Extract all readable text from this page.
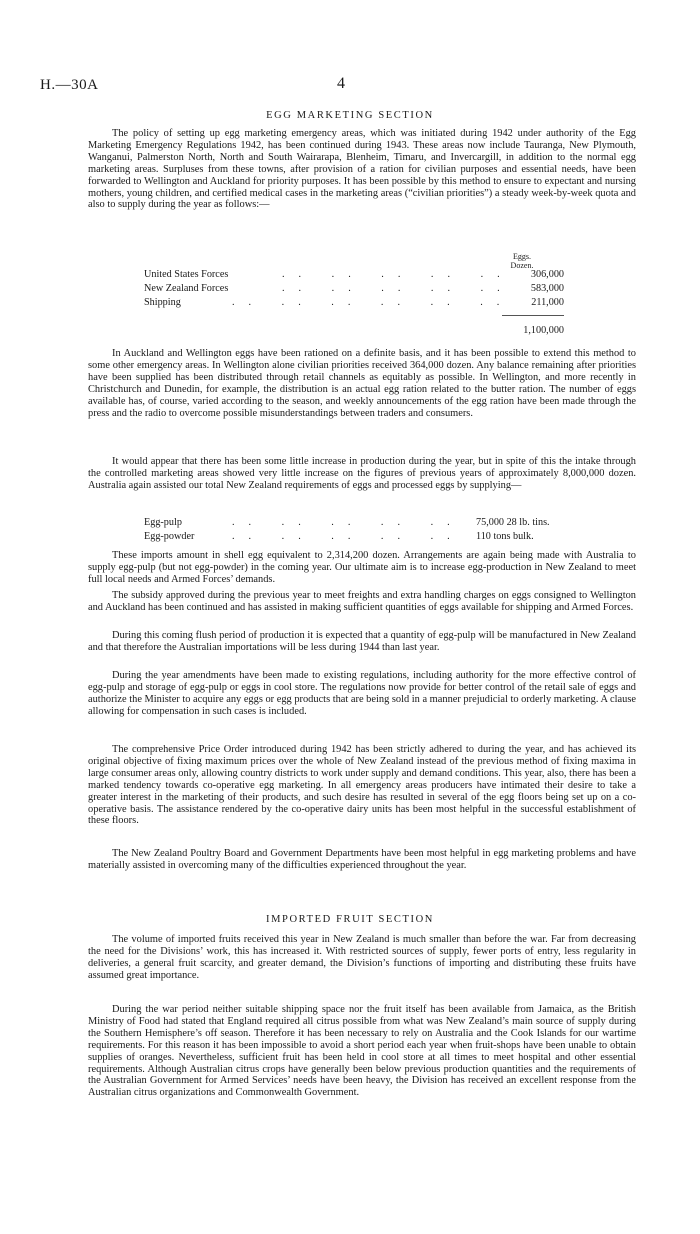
H.—30A	4
EGG MARKETING SECTION

The policy of setting up egg marketing emergency areas, which was initiated during 1942 under authority of the Egg Marketing Emergency Regulations 1942, has been continued during 1943. These areas now include Tauranga, New Plymouth, Wanganui, Palmerston North, North and South Wairarapa, Blenheim, Timaru, and Invercargill, in addition to the normal egg marketing areas. Surpluses from these towns, after provision of a ration for civilian purposes and essential needs, have been forwarded to Wellington and Auckland for priority purposes. It has been possible by this method to ensure to expectant and nursing mothers, young children, and certified medical cases in the marketing areas (“civilian priorities”) a steady week-by-week quota and also to supply during the year as follows:—

Eggs.
Dozen.
United States Forces	.. .. .. .. ..	306,000
New Zealand Forces	.. .. .. .. ..	583,000
Shipping	.. .. .. .. .. ..	211,000
1,100,000

In Auckland and Wellington eggs have been rationed on a definite basis, and it has been possible to extend this method to some other emergency areas. In Wellington alone civilian priorities received 364,000 dozen. Any balance remaining after priorities have been supplied has been distributed through retail channels as equitably as possible. In Wellington, and more recently in Christchurch and Dunedin, for example, the distribution is an actual egg ration related to the butter ration. The number of eggs available has, of course, varied according to the season, and weekly announcements of the egg ration have been made through the press and the radio to overcome possible misunderstandings between traders and consumers.

It would appear that there has been some little increase in production during the year, but in spite of this the intake through the controlled marketing areas showed very little increase on the figures of previous years of approximately 8,000,000 dozen. Australia again assisted our total New Zealand requirements of eggs and processed eggs by supplying—

Egg-pulp	.. .. .. .. .. 75,000 28 lb. tins.
Egg-powder	.. .. .. .. .. 110 tons bulk.

These imports amount in shell egg equivalent to 2,314,200 dozen. Arrangements are again being made with Australia to supply egg-pulp (but not egg-powder) in the coming year. Our ultimate aim is to increase egg-production in New Zealand to meet full local needs and Armed Forces’ demands.

The subsidy approved during the previous year to meet freights and extra handling charges on eggs consigned to Wellington and Auckland has been continued and has assisted in making sufficient quantities of eggs available for shipping and Armed Forces.

During this coming flush period of production it is expected that a quantity of egg-pulp will be manufactured in New Zealand and that therefore the Australian importations will be less during 1944 than last year.

During the year amendments have been made to existing regulations, including authority for the more effective control of egg-pulp and storage of egg-pulp or eggs in cool store. The regulations now provide for better control of the retail sale of eggs and authorize the Minister to acquire any eggs or egg products that are being sold in a manner prejudicial to orderly marketing. A clause allowing for compensation in such cases is included.

The comprehensive Price Order introduced during 1942 has been strictly adhered to during the year, and has achieved its original objective of fixing maximum prices over the whole of New Zealand instead of the previous method of fixing maxima in large consumer areas only, allowing country districts to work under supply and demand conditions. This year, also, there has been a marked tendency towards co-operative egg marketing. In all emergency areas producers have intimated their desire to take a greater interest in the marketing of their products, and such desire has resulted in several of the egg floors being set up on a co-operative basis. The assistance rendered by the co-operative dairy units has been most helpful in the successful establishment of these floors.

The New Zealand Poultry Board and Government Departments have been most helpful in egg marketing problems and have materially assisted in overcoming many of the difficulties experienced throughout the year.

IMPORTED FRUIT SECTION

The volume of imported fruits received this year in New Zealand is much smaller than before the war. Far from decreasing the need for the Divisions’ work, this has increased it. With restricted sources of supply, fewer ports of entry, less regularity in deliveries, a general fruit scarcity, and greater demand, the Division’s functions of importing and distributing these fruits have assumed great importance.

During the war period neither suitable shipping space nor the fruit itself has been available from Jamaica, as the British Ministry of Food had stated that England required all citrus possible from what was New Zealand’s main source of supply during the Southern Hemisphere’s off season. Therefore it has been necessary to rely on Australia and the Cook Islands for our wartime requirements. For this reason it has been impossible to avoid a short period each year when fruit-shops have been unable to obtain supplies of oranges. Nevertheless, sufficient fruit has been held in cool store at all times to meet hospital and other essential requirements. Although Australian citrus crops have generally been below previous production quantities and the requirements of the Australian Government for Armed Services’ needs have been heavy, the Division has received an excellent response from the Australian citrus organizations and Commonwealth Government.
